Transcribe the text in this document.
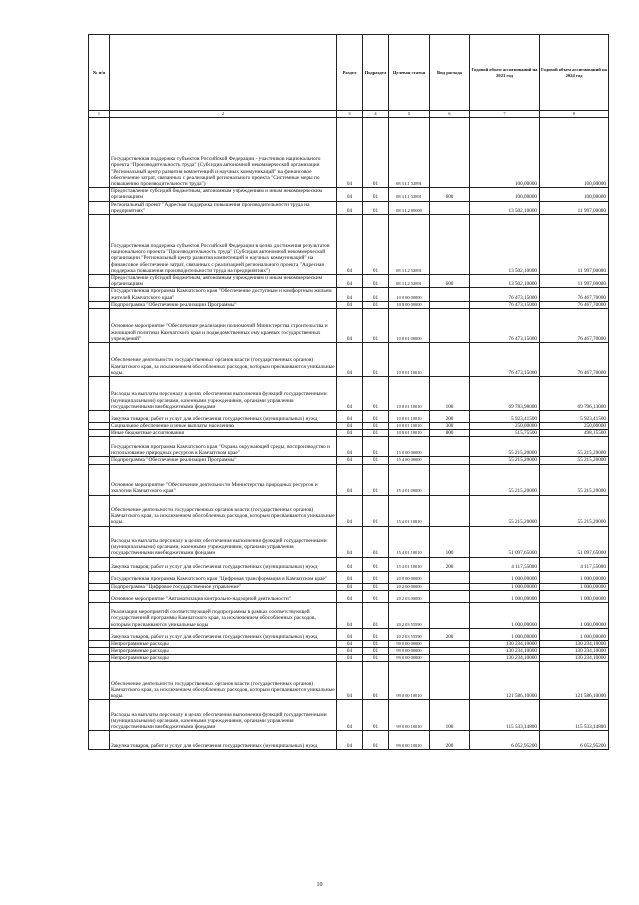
№ п/п		Раздел	Подраздел	Целевая статья	Вид расхода	Годовой объем ассигнований на 2023 год	Годовой объем ассигнований на 2024 год
1	2	3	4	5	6	7	8
	Государственная поддержка субъектов Российской Федерации - участников национального проекта "Производительность труда" (Субсидия автономной некоммерческой организации "Региональный центр развития компетенций и научных коммуникаций" на финансовое обеспечение затрат, связанных с реализацией регионального проекта "Системные меры по повышению производительности труда")	04	01	08 3 L1 52891		100,00000	100,00000
	Предоставление субсидий бюджетным, автономным учреждениям и иным некоммерческим организациям	04	01	08 3 L1 52891	600	100,00000	100,00000
	Региональный проект "Адресная поддержка повышения производительности труда на предприятиях"	04	01	08 3 L2 00000		13 502,10000	11 997,00000
	Государственная поддержка субъектов Российской Федерации в целях достижения результатов национального проекта "Производительность труда" (Субсидия автономной некоммерческой организации "Региональный центр развития компетенций и научных коммуникаций" на финансовое обеспечение затрат, связанных с реализацией регионального проекта "Адресная поддержка повышения производительности труда на предприятиях")	04	01	08 3 L2 52891		13 502,10000	11 997,00000
	Предоставление субсидий бюджетным, автономным учреждениям и иным некоммерческим организациям	04	01	08 3 L2 52891	600	13 502,10000	11 997,00000
	Государственная программа Камчатского края "Обеспечение доступным и комфортным жильем жителей Камчатского края"	04	01	10 0 00 00000		76 473,15000	76 467,70000
	Подпрограмма "Обеспечение реализации Программы"	04	01	10 8 00 00000		76 473,15000	76 467,70000
	Основное мероприятие "Обеспечение реализации полномочий Министерства строительства и жилищной политики Камчатского края и подведомственных ему краевых государственных учреждений"	04	01	10 8 01 00000		76 473,15000	76 467,70000
	Обеспечение деятельности государственных органов власти (государственных органов) Камчатского края, за исключением обособленных расходов, которым присваиваются уникальные коды.	04	01	10 8 01 10010		76 473,15000	76 467,70000
	Расходы на выплаты персоналу в целях обеспечения выполнения функций государственными (муниципальными) органами, казенными учреждениями, органами управления государственными внебюджетными фондами	04	01	10 8 01 10010	100	69 783,98000	69 796,13000
	Закупка товаров, работ и услуг для обеспечения государственных (муниципальных) нужд	04	01	10 8 01 10010	200	5 923,41500	5 923,41500
	Социальное обеспечение и иные выплаты населению	04	01	10 8 01 10010	300	250,00000	250,00000
	Иные бюджетные ассигнования	04	01	10 8 01 10010	800	515,75500	498,15500
	Государственная программа Камчатского края "Охрана окружающей среды, воспроизводство и использование природных ресурсов в Камчатском крае"	04	01	15 0 00 00000		55 215,20000	55 215,20000
	Подпрограмма "Обеспечение реализации Программы"	04	01	15 4 00 00000		55 215,20000	55 215,20000
	Основное мероприятие "Обеспечение деятельности Министерства природных ресурсов и экологии Камчатского края"	04	01	15 4 01 00000		55 215,20000	55 215,20000
	Обеспечение деятельности государственных органов власти (государственных органов) Камчатского края, за исключением обособленных расходов, которым присваиваются уникальные коды.	04	01	15 4 01 10010		55 215,20000	55 215,20000
	Расходы на выплаты персоналу в целях обеспечения выполнения функций государственными (муниципальными) органами, казенными учреждениями, органами управления государственными внебюджетными фондами	04	01	15 4 01 10010	100	51 097,65000	51 097,65000
	Закупка товаров, работ и услуг для обеспечения государственных (муниципальных) нужд	04	01	15 4 01 10010	200	4 117,55000	4 117,55000
	Государственная программа Камчатского края "Цифровая трансформация в Камчатском крае"	04	01	20 0 00 00000		1 000,00000	1 000,00000
	Подпрограмма "Цифровое государственное управление"	04	01	20 2 00 00000		1 000,00000	1 000,00000
	Основное мероприятие "Автоматизация контрольно-надзорной деятельности"	04	01	20 2 03 00000		1 000,00000	1 000,00000
	Реализация мероприятий соответствующей подпрограммы в рамках соответствующей государственной программы Камчатского края, за исключением обособленных расходов, которым присваиваются уникальные коды	04	01	20 2 03 55590		1 000,00000	1 000,00000
	Закупка товаров, работ и услуг для обеспечения государственных (муниципальных) нужд	04	01	20 2 03 55590	200	1 000,00000	1 000,00000
	Непрограммные расходы	04	01	99 0 00 00000		130 234,10000	130 234,10000
	Непрограммные расходы	04	01	99 0 00 00000		130 234,10000	130 234,10000
	Непрограммные расходы	04	01	99 0 00 00000		130 234,10000	130 234,10000
	Обеспечение деятельности государственных органов власти (государственных органов) Камчатского края, за исключением обособленных расходов, которым присваиваются уникальные коды.	04	01	99 0 00 10010		121 586,10000	121 586,10000
	Расходы на выплаты персоналу в целях обеспечения выполнения функций государственными (муниципальными) органами, казенными учреждениями, органами управления государственными внебюджетными фондами	04	01	99 0 00 10010	100	115 533,14800	115 533,14800
	Закупка товаров, работ и услуг для обеспечения государственных (муниципальных) нужд	04	01	99 0 00 10010	200	6 052,95200	6 052,95200
10
